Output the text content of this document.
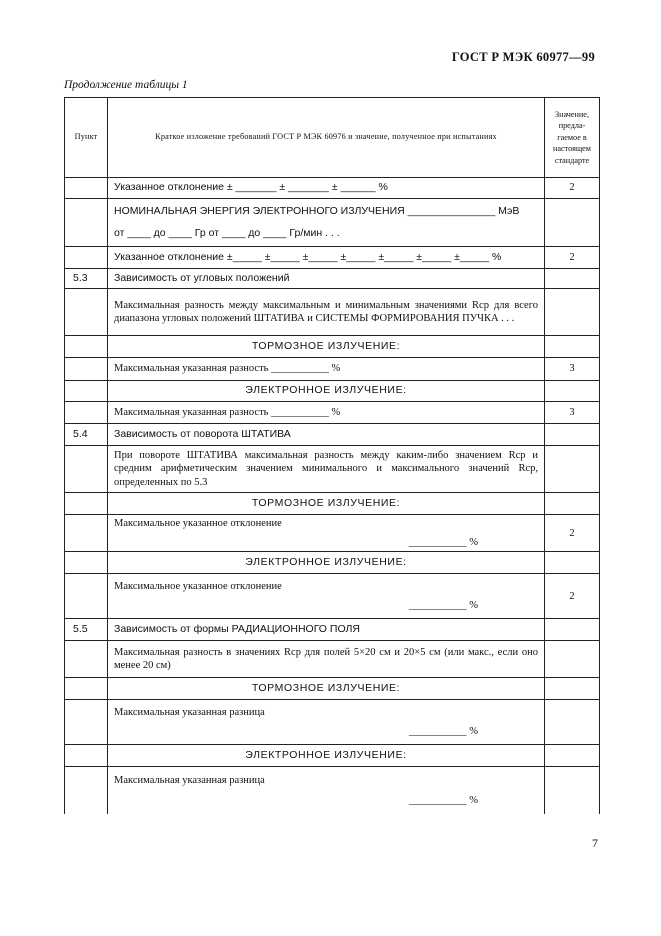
ГОСТ Р МЭК 60977—99
Продолжение таблицы 1
Пункт	Краткое изложение требований ГОСТ Р МЭК 60976 и значение, полученное при испытаниях	Значение,
предла-
гаемое в
настоящем
стандарте

	Указанное отклонение ± _______ ± _______ ± ______ %	2

	НОМИНАЛЬНАЯ ЭНЕРГИЯ ЭЛЕКТРОННОГО ИЗЛУЧЕНИЯ _______________ МэВ
от ____ до ____ Гр от ____ до ____ Гр/мин . . .	

	Указанное отклонение ±_____ ±_____ ±_____ ±_____ ±_____ ±_____ ±_____ %	2
5.3	Зависимость от угловых положений	
	Максимальная разность между максимальным и минимальным значениями Rср для всего диапазона угловых положений ШТАТИВА и СИСТЕМЫ ФОРМИРОВАНИЯ ПУЧКА . . .	
	ТОРМОЗНОЕ ИЗЛУЧЕНИЕ:	
	Максимальная указанная разность ___________ %	3
	ЭЛЕКТРОННОЕ ИЗЛУЧЕНИЕ:	
	Максимальная указанная разность ___________ %	3
5.4	Зависимость от поворота ШТАТИВА	
	При повороте ШТАТИВА максимальная разность между каким-либо значением Rср и средним арифметическим значением минимального и максимального значений Rср, определенных по 5.3	
	ТОРМОЗНОЕ ИЗЛУЧЕНИЕ:	

	Максимальное указанное отклонение
___________ %	2
	ЭЛЕКТРОННОЕ ИЗЛУЧЕНИЕ:	

	Максимальное указанное отклонение
___________ %	2
5.5	Зависимость от формы РАДИАЦИОННОГО ПОЛЯ	
	Максимальная разность в значениях Rср для полей 5×20 см и 20×5 см (или макс., если оно менее 20 см)	
	ТОРМОЗНОЕ ИЗЛУЧЕНИЕ:	

	Максимальная указанная разница
___________ %	

	ЭЛЕКТРОННОЕ ИЗЛУЧЕНИЕ:	

	Максимальная указанная разница
___________ %	

7
